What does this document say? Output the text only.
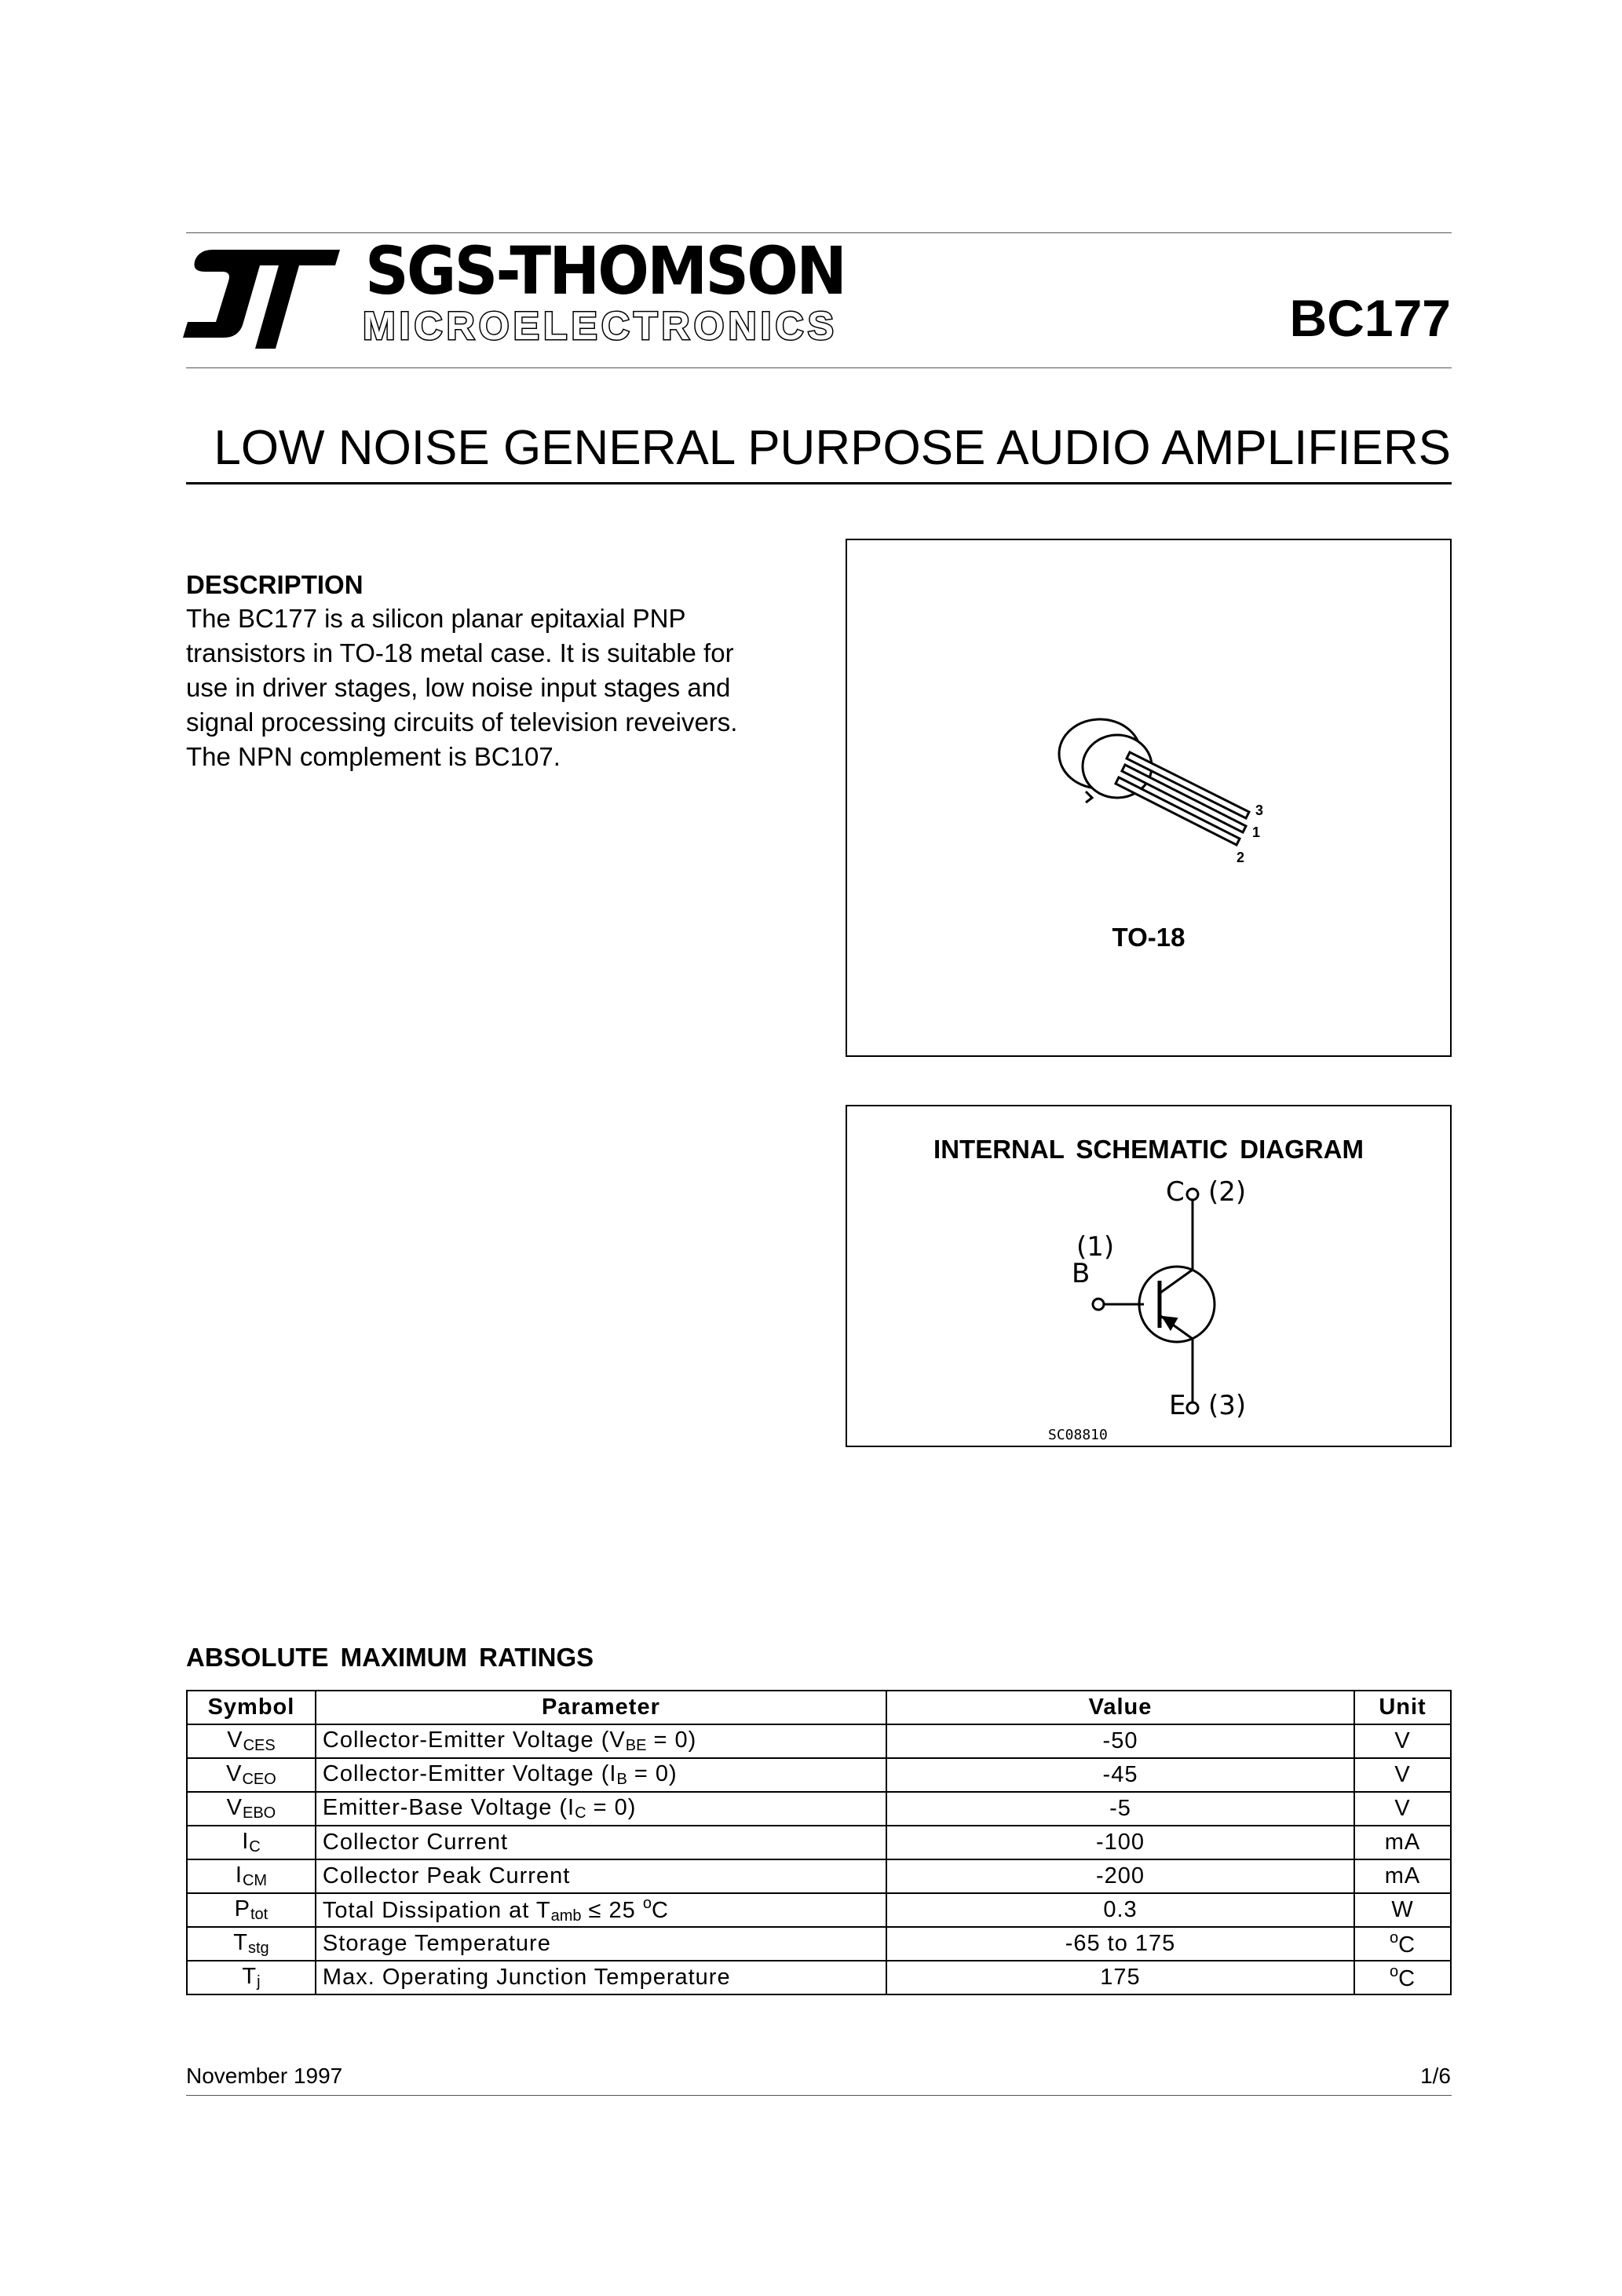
SGS-THOMSON
MICROELECTRONICS	BC177
LOW NOISE GENERAL PURPOSE AUDIO AMPLIFIERS
DESCRIPTION
The BC177 is a silicon planar epitaxial PNP
transistors in TO-18 metal case. It is suitable for
use in driver stages, low noise input stages and
signal processing circuits of television reveivers.
The NPN complement is BC107.
3
1
2
TO-18
INTERNAL SCHEMATIC DIAGRAM
C (2)
B
(1)
E (3)
SC08810
ABSOLUTE MAXIMUM RATINGS
Symbol	Parameter	Value	Unit
$V_{CES}$	Collector-Emitter Voltage $(V_{BE} = 0)$	-50	V
$V_{CEO}$	Collector-Emitter Voltage $(I_B = 0)$	-45	V
$V_{EBO}$	Emitter-Base Voltage $(I_C = 0)$	-5	V
$I_C$	Collector Current	-100	mA
$I_{CM}$	Collector Peak Current	-200	mA
$P_{tot}$	Total Dissipation at $T_{amb} \le 25$ $^o$C	0.3	W
$T_{stg}$	Storage Temperature	-65 to 175	$^o$C
$T_j$	Max. Operating Junction Temperature	175	$^o$C
November 1997	1/6
